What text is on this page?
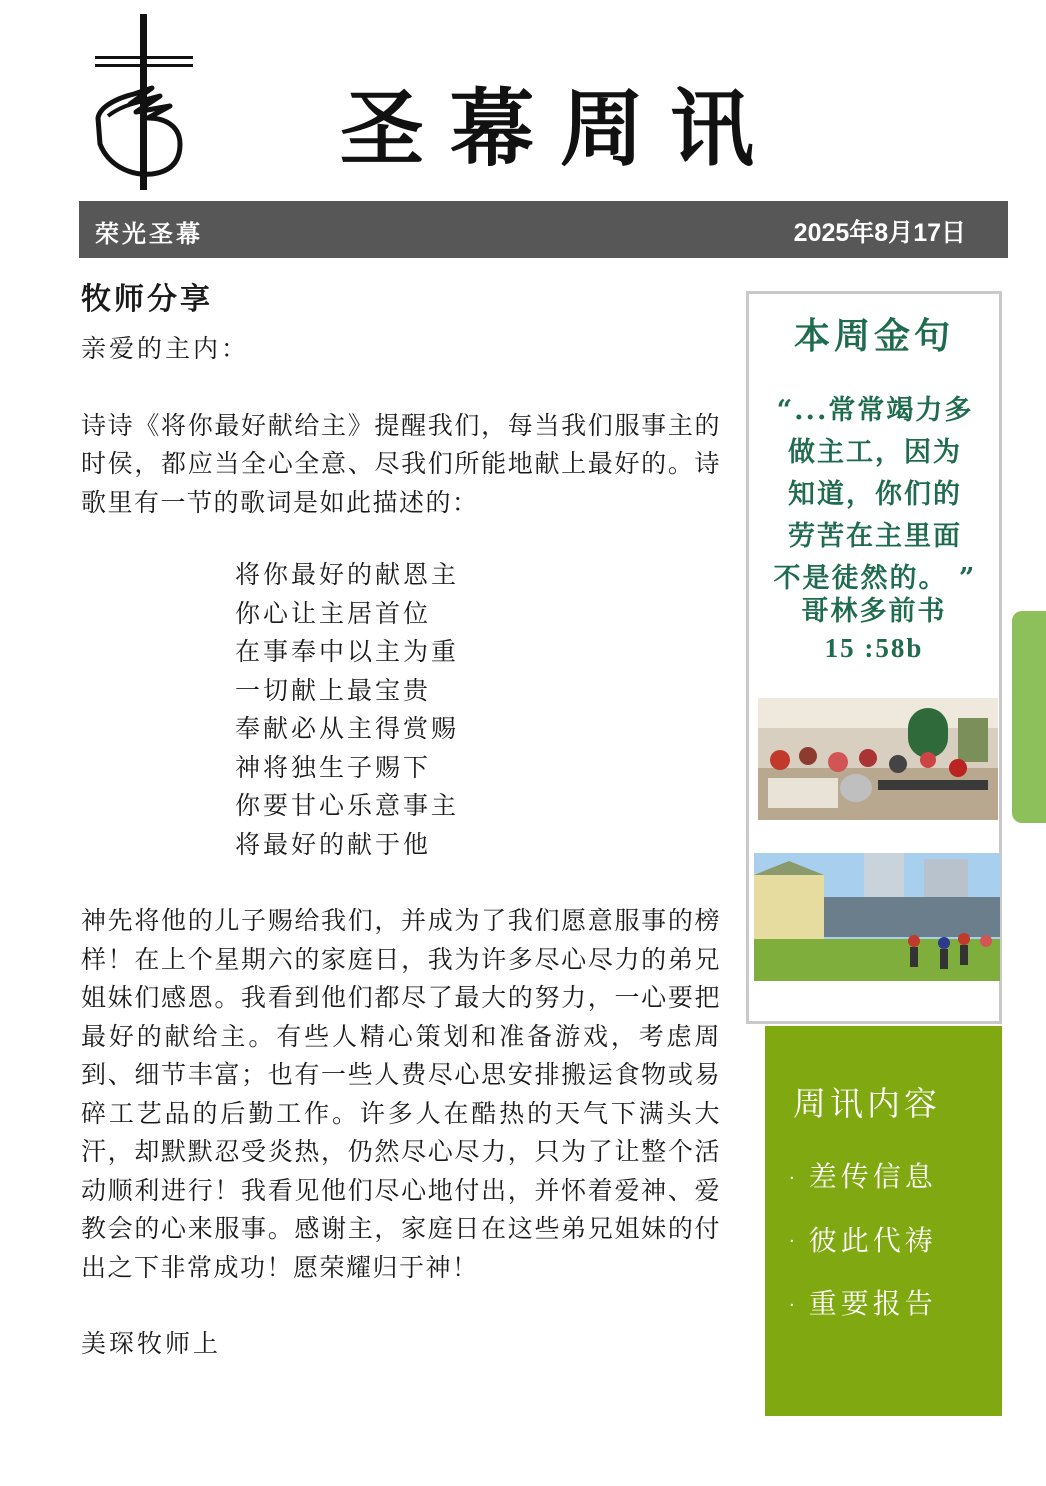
圣幕周讯
荣光圣幕	2025年8月17日
牧师分享

亲爱的主内：

诗诗《将你最好献给主》提醒我们，每当我们服事主的时侯，都应当全心全意、尽我们所能地献上最好的。诗歌里有一节的歌词是如此描述的：

将你最好的献恩主
你心让主居首位
在事奉中以主为重
一切献上最宝贵
奉献必从主得赏赐
神将独生子赐下
你要甘心乐意事主
将最好的献于他

神先将他的儿子赐给我们，并成为了我们愿意服事的榜样！在上个星期六的家庭日，我为许多尽心尽力的弟兄姐妹们感恩。我看到他们都尽了最大的努力，一心要把最好的献给主。有些人精心策划和准备游戏，考虑周到、细节丰富；也有一些人费尽心思安排搬运食物或易碎工艺品的后勤工作。许多人在酷热的天气下满头大汗，却默默忍受炎热，仍然尽心尽力，只为了让整个活动顺利进行！我看见他们尽心地付出，并怀着爱神、爱教会的心来服事。感谢主，家庭日在这些弟兄姐妹的付出之下非常成功！愿荣耀归于神！

美琛牧师上

本周金句
“...常常竭力多
做主工，因为
知道，你们的
劳苦在主里面
不是徒然的。 ”
哥林多前书
15 :58b
周讯内容
· 差传信息
· 彼此代祷
· 重要报告
